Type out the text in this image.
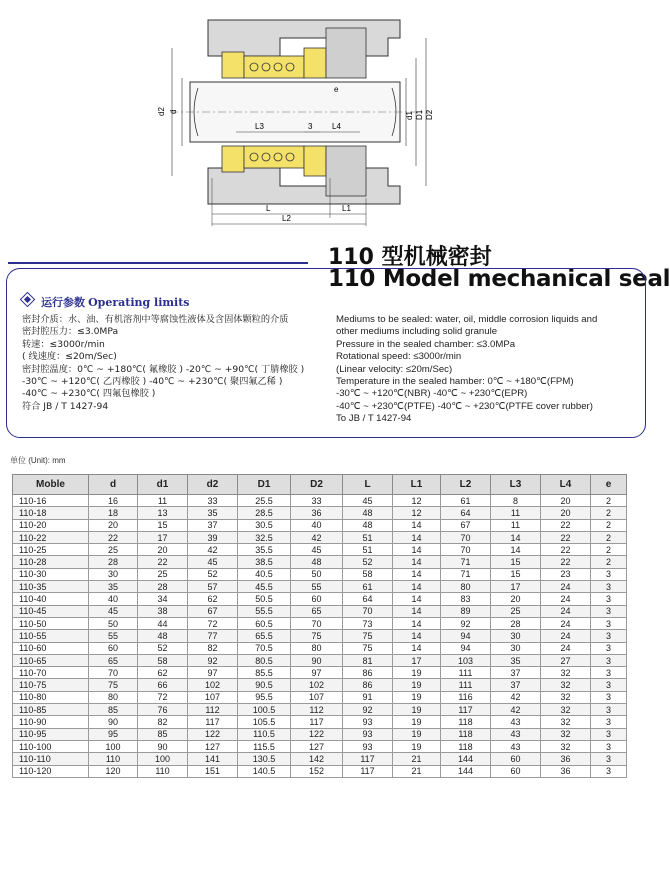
d2 d	d1 D1 D2
L3	3 L4
e
L	L1
L2
110 型机械密封
110 Model mechanical seal
运行参数 Operating limits
密封介质：水、油、有机溶剂中等腐蚀性液体及含固体颗粒的介质
密封腔压力：≤3.0MPa
转速：≤3000r/min
( 线速度：≤20m/Sec)
密封腔温度：0℃ ~ +180℃( 氟橡胶 ) -20℃ ~ +90℃( 丁腈橡胶 )
-30℃ ~ +120℃( 乙丙橡胶 ) -40℃ ~ +230℃( 聚四氟乙稀 )
-40℃ ~ +230℃( 四氟包橡胶 )
符合 JB / T 1427-94
Mediums to be sealed: water, oil, middle corrosion liquids and
other mediums including solid granule
Pressure in the sealed chamber: ≤3.0MPa
Rotational speed: ≤3000r/min
(Linear velocity: ≤20m/Sec)
Temperature in the sealed hamber: 0℃ ~ +180℃(FPM)
-30℃ ~ +120℃(NBR) -40℃ ~ +230℃(EPR)
-40℃ ~ +230℃(PTFE) -40℃ ~ +230℃(PTFE cover rubber)
To JB / T 1427-94
单位 (Unit): mm
Moble	d	d1	d2	D1	D2	L	L1	L2	L3	L4	e
110-16	16	11	33	25.5	33	45	12	61	8	20	2
110-18	18	13	35	28.5	36	48	12	64	11	20	2
110-20	20	15	37	30.5	40	48	14	67	11	22	2
110-22	22	17	39	32.5	42	51	14	70	14	22	2
110-25	25	20	42	35.5	45	51	14	70	14	22	2
110-28	28	22	45	38.5	48	52	14	71	15	22	2
110-30	30	25	52	40.5	50	58	14	71	15	23	3
110-35	35	28	57	45.5	55	61	14	80	17	24	3
110-40	40	34	62	50.5	60	64	14	83	20	24	3
110-45	45	38	67	55.5	65	70	14	89	25	24	3
110-50	50	44	72	60.5	70	73	14	92	28	24	3
110-55	55	48	77	65.5	75	75	14	94	30	24	3
110-60	60	52	82	70.5	80	75	14	94	30	24	3
110-65	65	58	92	80.5	90	81	17	103	35	27	3
110-70	70	62	97	85.5	97	86	19	111	37	32	3
110-75	75	66	102	90.5	102	86	19	111	37	32	3
110-80	80	72	107	95.5	107	91	19	116	42	32	3
110-85	85	76	112	100.5	112	92	19	117	42	32	3
110-90	90	82	117	105.5	117	93	19	118	43	32	3
110-95	95	85	122	110.5	122	93	19	118	43	32	3
110-100	100	90	127	115.5	127	93	19	118	43	32	3
110-110	110	100	141	130.5	142	117	21	144	60	36	3
110-120	120	110	151	140.5	152	117	21	144	60	36	3
